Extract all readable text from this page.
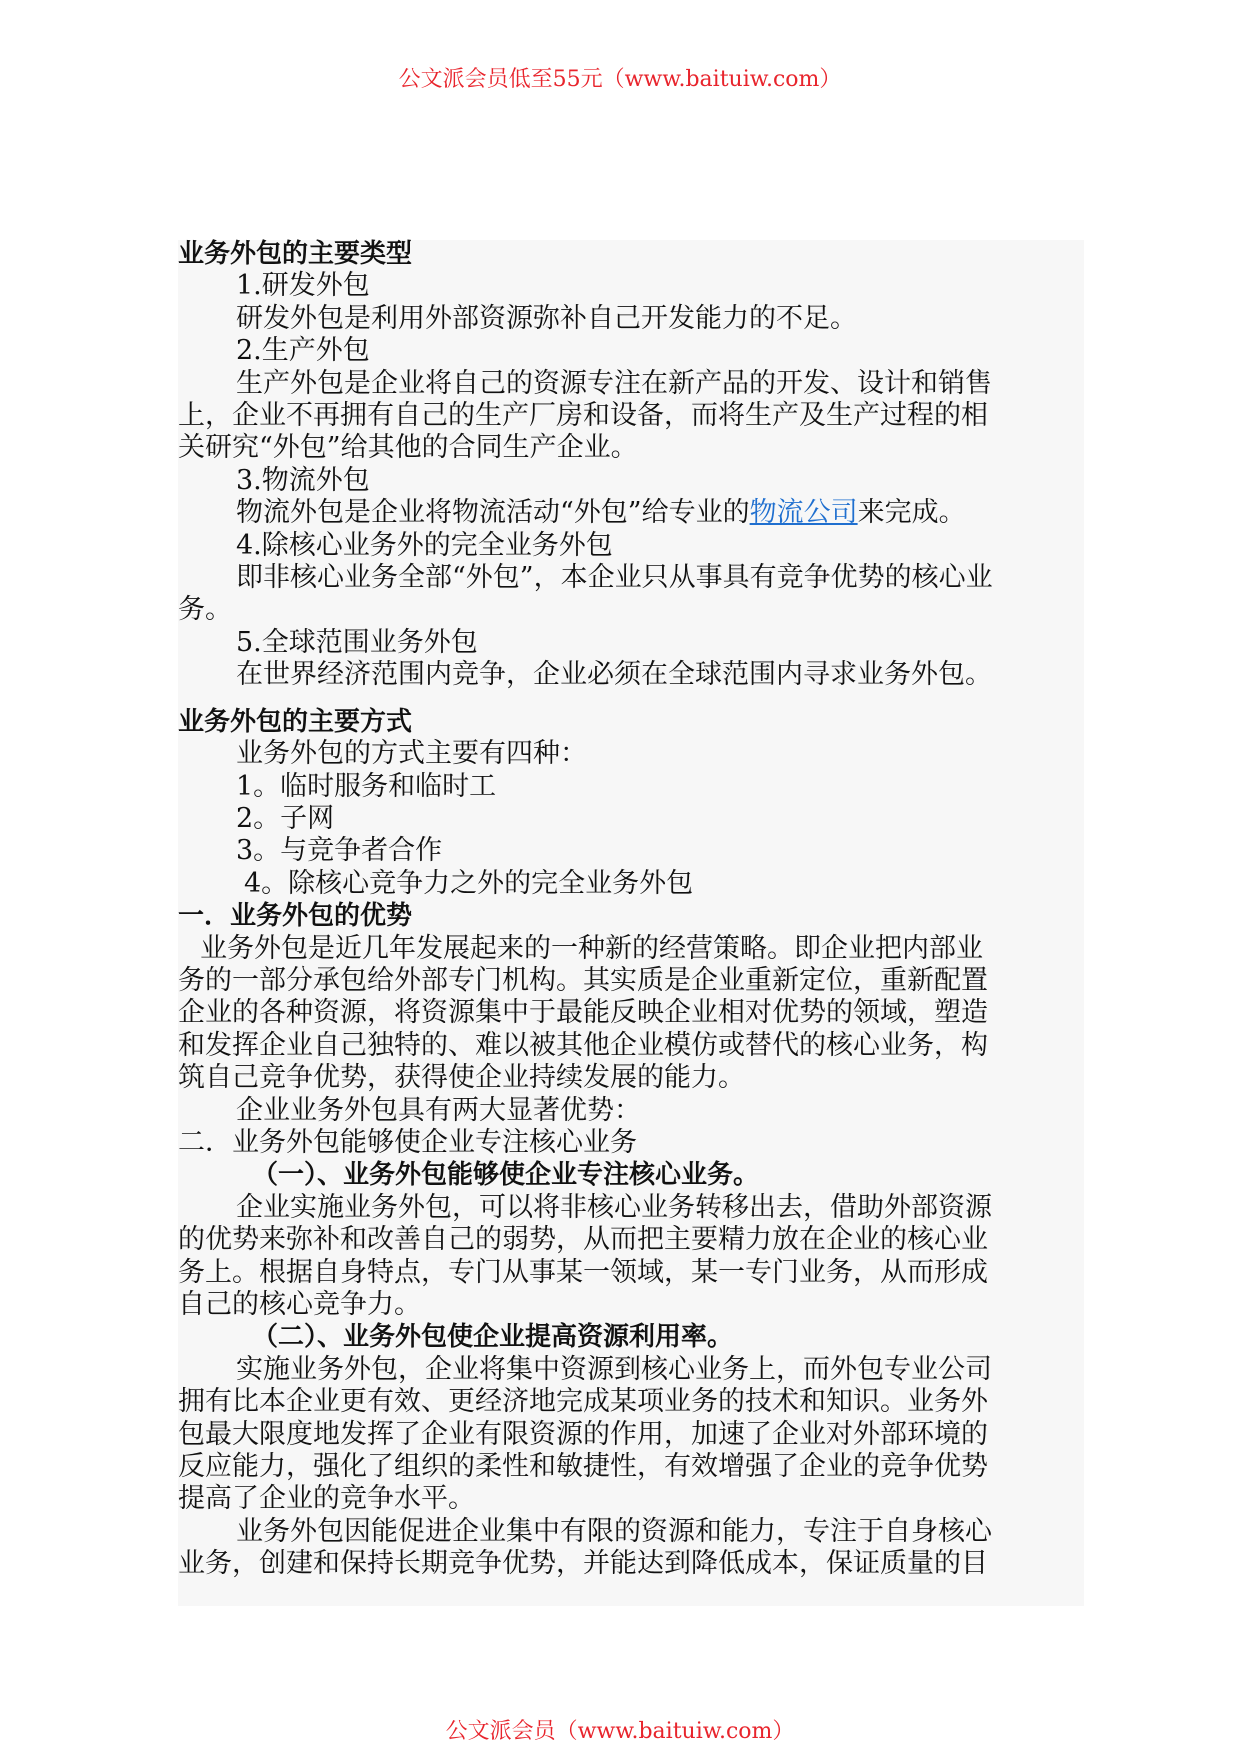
公文派会员低至55元（www.baituiw.com）

业务外包的主要类型

1.研发外包

研发外包是利用外部资源弥补自己开发能力的不足。

2.生产外包

生产外包是企业将自己的资源专注在新产品的开发、设计和销售

上，企业不再拥有自己的生产厂房和设备，而将生产及生产过程的相

关研究“外包”给其他的合同生产企业。

3.物流外包

物流外包是企业将物流活动“外包”给专业的物流公司来完成。

4.除核心业务外的完全业务外包

即非核心业务全部“外包”，本企业只从事具有竞争优势的核心业

务。

5.全球范围业务外包

在世界经济范围内竞争，企业必须在全球范围内寻求业务外包。

业务外包的主要方式

业务外包的方式主要有四种：

1。临时服务和临时工

2。子网

3。与竞争者合作

4。除核心竞争力之外的完全业务外包

一．业务外包的优势

业务外包是近几年发展起来的一种新的经营策略。即企业把内部业

务的一部分承包给外部专门机构。其实质是企业重新定位，重新配置

企业的各种资源，将资源集中于最能反映企业相对优势的领域，塑造

和发挥企业自己独特的、难以被其他企业模仿或替代的核心业务，构

筑自己竞争优势，获得使企业持续发展的能力。

企业业务外包具有两大显著优势：

二．业务外包能够使企业专注核心业务

（一）、业务外包能够使企业专注核心业务。

企业实施业务外包，可以将非核心业务转移出去，借助外部资源

的优势来弥补和改善自己的弱势，从而把主要精力放在企业的核心业

务上。根据自身特点，专门从事某一领域，某一专门业务，从而形成

自己的核心竞争力。

（二）、业务外包使企业提高资源利用率。

实施业务外包，企业将集中资源到核心业务上，而外包专业公司

拥有比本企业更有效、更经济地完成某项业务的技术和知识。业务外

包最大限度地发挥了企业有限资源的作用，加速了企业对外部环境的

反应能力，强化了组织的柔性和敏捷性，有效增强了企业的竞争优势

提高了企业的竞争水平。

业务外包因能促进企业集中有限的资源和能力，专注于自身核心

业务，创建和保持长期竞争优势，并能达到降低成本，保证质量的目

公文派会员（www.baituiw.com）
